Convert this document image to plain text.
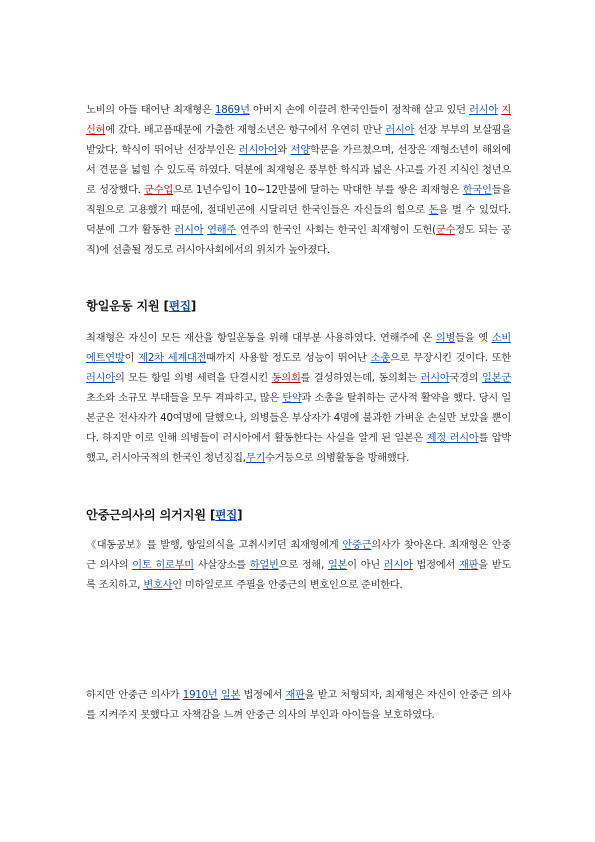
노비의 아들 태어난 최재형은 1869년 아버지 손에 이끌려 한국인들이 정착해 살고 있던 러시아 지신허에 갔다. 배고픔때문에 가출한 재형소년은 항구에서 우연히 만난 러시아 선장 부부의 보살핌을 받았다. 학식이 뛰어난 선장부인은 러시아어와 서양학문을 가르쳤으며, 선장은 재형소년이 해외에서 견문을 넓힐 수 있도록 하였다. 덕분에 최재형은 풍부한 학식과 넓은 사고를 가진 지식인 청년으로 성장했다. 군수업으로 1년수입이 10~12만불에 달하는 막대한 부를 쌓은 최재형은 한국인들을 직원으로 고용했기 때문에, 절대빈곤에 시달리던 한국인들은 자신들의 힘으로 돈을 벌 수 있었다. 덕분에 그가 활동한 러시아 연해주 연주의 한국인 사회는 한국인 최재형이 도헌(군수정도 되는 공직)에 선출될 정도로 러시아사회에서의 위치가 높아졌다.
항일운동 지원 [편집]
최재형은 자신이 모든 재산을 항일운동을 위해 대부분 사용하였다. 연해주에 온 의병들을 옛 소비에트연방이 제2차 세계대전때까지 사용할 정도로 성능이 뛰어난 소총으로 무장시킨 것이다. 또한 러시아의 모든 항일 의병 세력을 단결시킨 동의회를 결성하였는데, 동의회는 러시아국경의 일본군 초소와 소규모 부대들을 모두 격파하고, 많은 탄약과 소총을 탈취하는 군사적 활약을 했다. 당시 일본군은 전사자가 40여명에 달했으나, 의병들은 부상자가 4명에 불과한 가벼운 손실만 보았을 뿐이다. 하지만 이로 인해 의병들이 러시아에서 활동한다는 사실을 알게 된 일본은 제정 러시아를 압박했고, 러시아국적의 한국인 청년징집,무기수거등으로 의병활동을 방해했다.
안중근의사의 의거지원 [편집]
《대동공보》를 발행, 항일의식을 고취시키던 최재형에게 안중근의사가 찾아온다. 최재형은 안중근 의사의 이토 히로부미 사살장소를 하얼빈으로 정해, 일본이 아닌 러시아 법정에서 재판을 받도록 조치하고, 변호사인 미하일로프 주필을 안중근의 변호인으로 준비한다.
하지만 안중근 의사가 1910년 일본 법정에서 재판을 받고 처형되자, 최재형은 자신이 안중근 의사를 지켜주지 못했다고 자책감을 느껴 안중근 의사의 부인과 아이들을 보호하였다.
